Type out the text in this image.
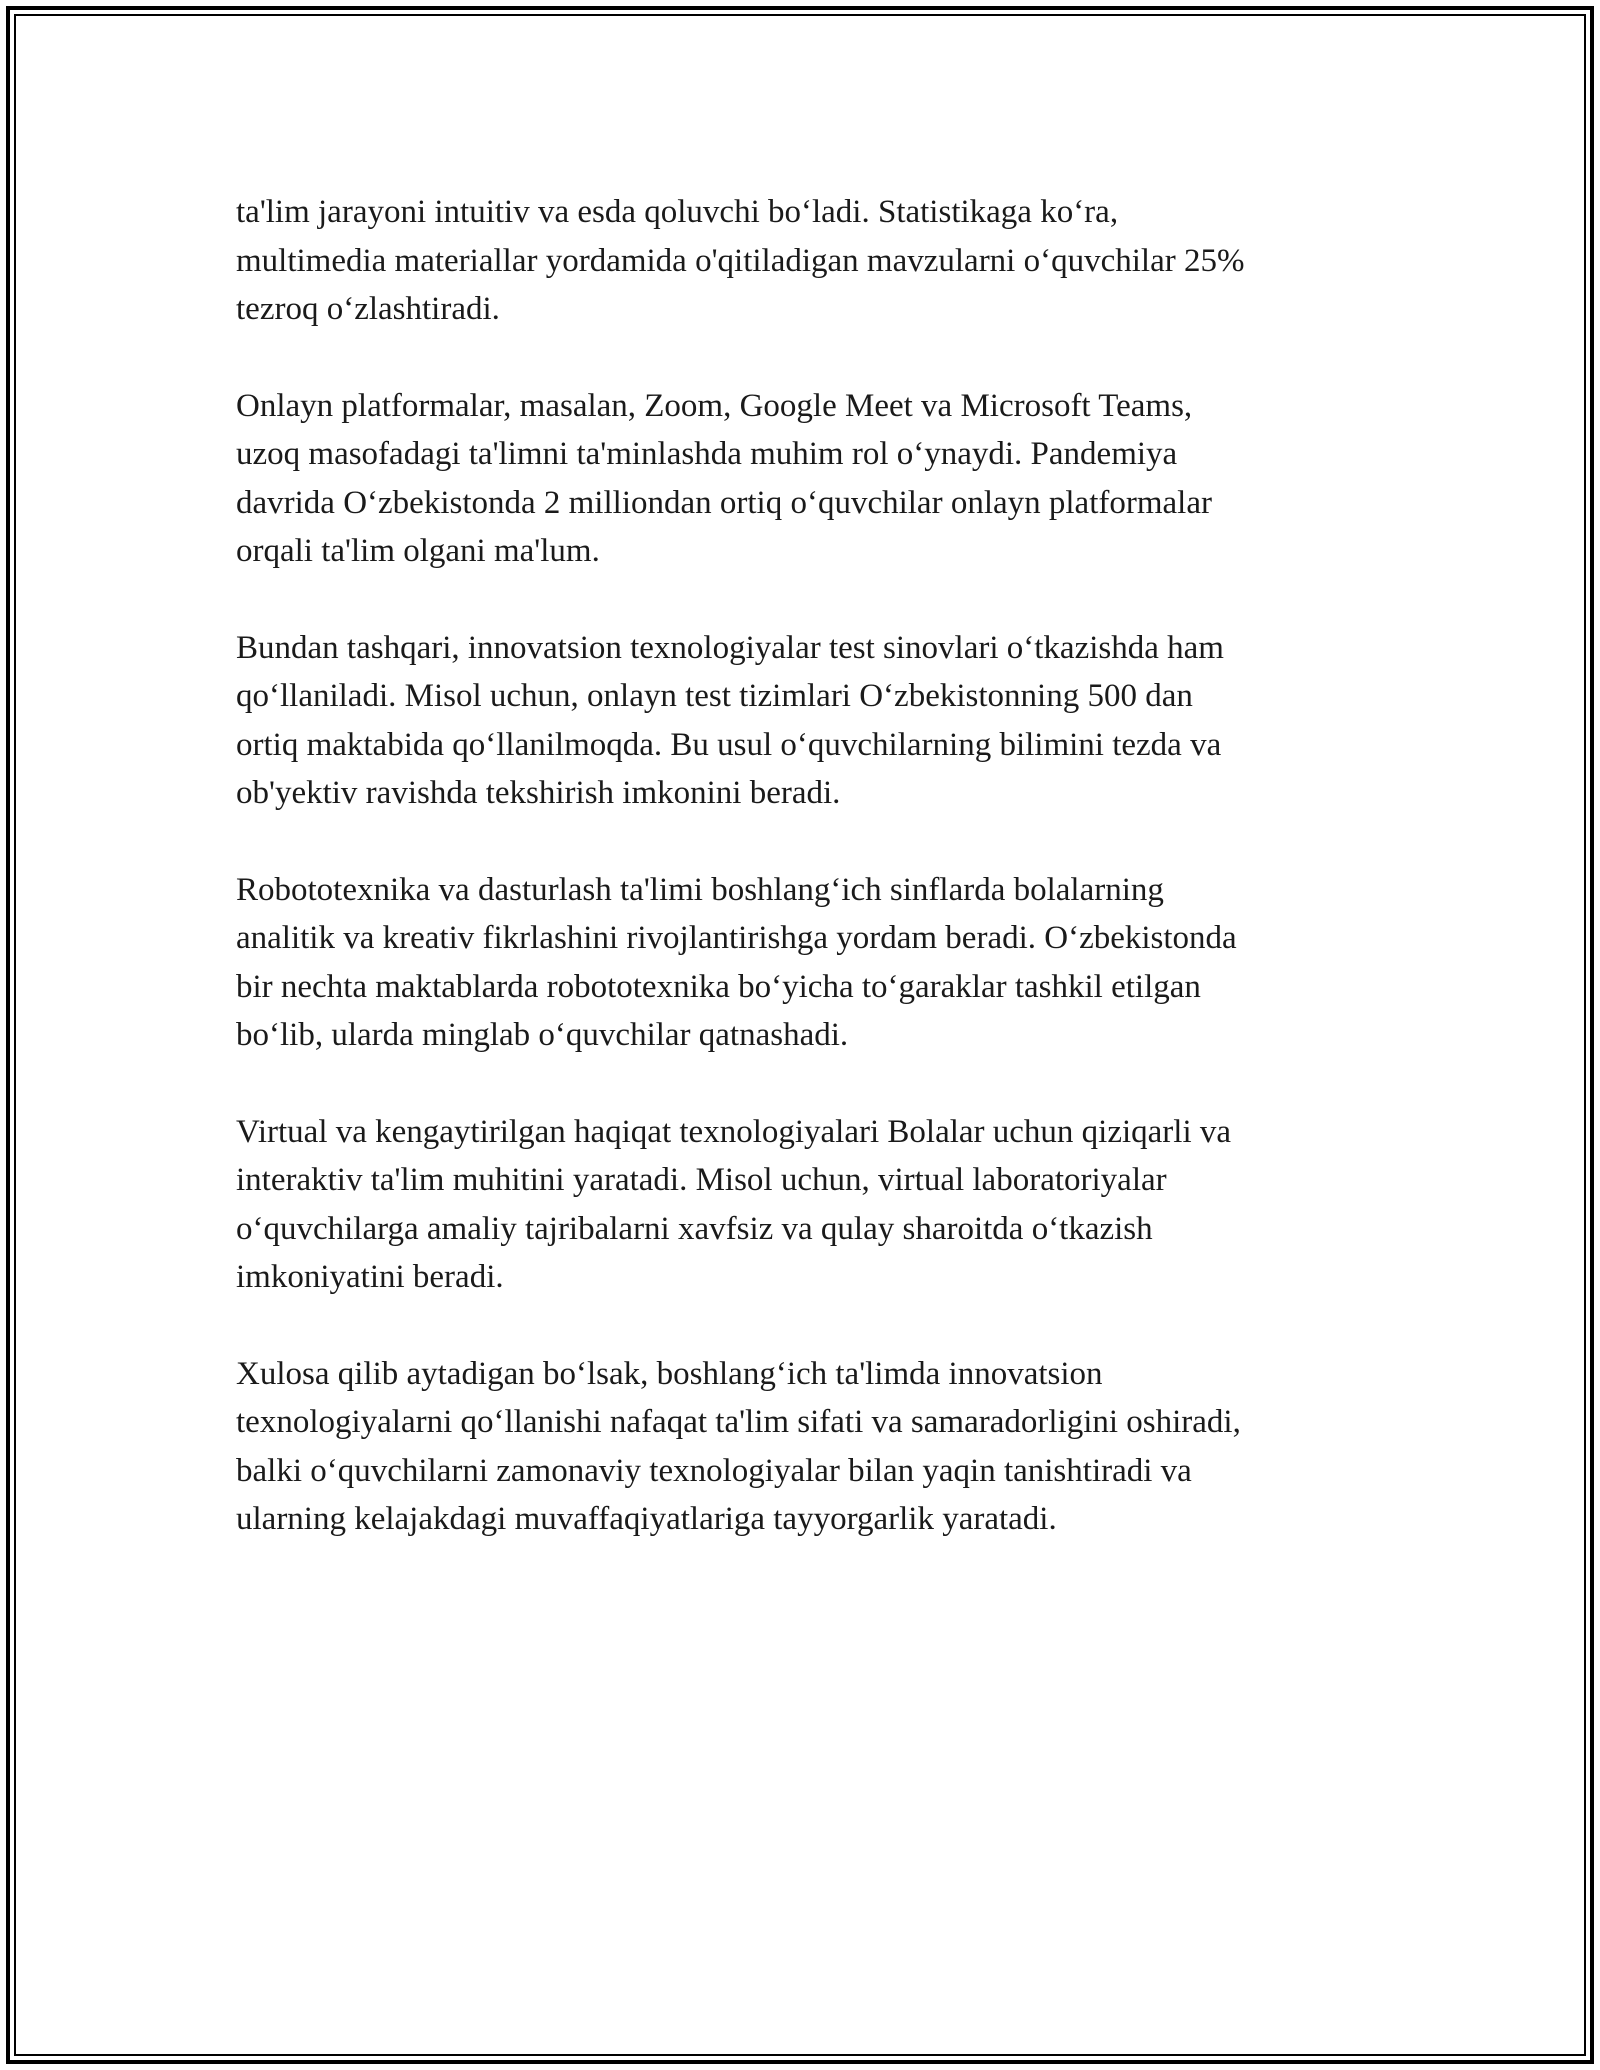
ta'lim jarayoni intuitiv va esda qoluvchi bo‘ladi. Statistikaga ko‘ra,
multimedia materiallar yordamida o'qitiladigan mavzularni o‘quvchilar 25%
tezroq o‘zlashtiradi.

Onlayn platformalar, masalan, Zoom, Google Meet va Microsoft Teams,
uzoq masofadagi ta'limni ta'minlashda muhim rol o‘ynaydi. Pandemiya
davrida O‘zbekistonda 2 milliondan ortiq o‘quvchilar onlayn platformalar
orqali ta'lim olgani ma'lum.

Bundan tashqari, innovatsion texnologiyalar test sinovlari o‘tkazishda ham
qo‘llaniladi. Misol uchun, onlayn test tizimlari O‘zbekistonning 500 dan
ortiq maktabida qo‘llanilmoqda. Bu usul o‘quvchilarning bilimini tezda va
ob'yektiv ravishda tekshirish imkonini beradi.

Robototexnika va dasturlash ta'limi boshlang‘ich sinflarda bolalarning
analitik va kreativ fikrlashini rivojlantirishga yordam beradi. O‘zbekistonda
bir nechta maktablarda robototexnika bo‘yicha to‘garaklar tashkil etilgan
bo‘lib, ularda minglab o‘quvchilar qatnashadi.

Virtual va kengaytirilgan haqiqat texnologiyalari Bolalar uchun qiziqarli va
interaktiv ta'lim muhitini yaratadi. Misol uchun, virtual laboratoriyalar
o‘quvchilarga amaliy tajribalarni xavfsiz va qulay sharoitda o‘tkazish
imkoniyatini beradi.

Xulosa qilib aytadigan bo‘lsak, boshlang‘ich ta'limda innovatsion
texnologiyalarni qo‘llanishi nafaqat ta'lim sifati va samaradorligini oshiradi,
balki o‘quvchilarni zamonaviy texnologiyalar bilan yaqin tanishtiradi va
ularning kelajakdagi muvaffaqiyatlariga tayyorgarlik yaratadi.
